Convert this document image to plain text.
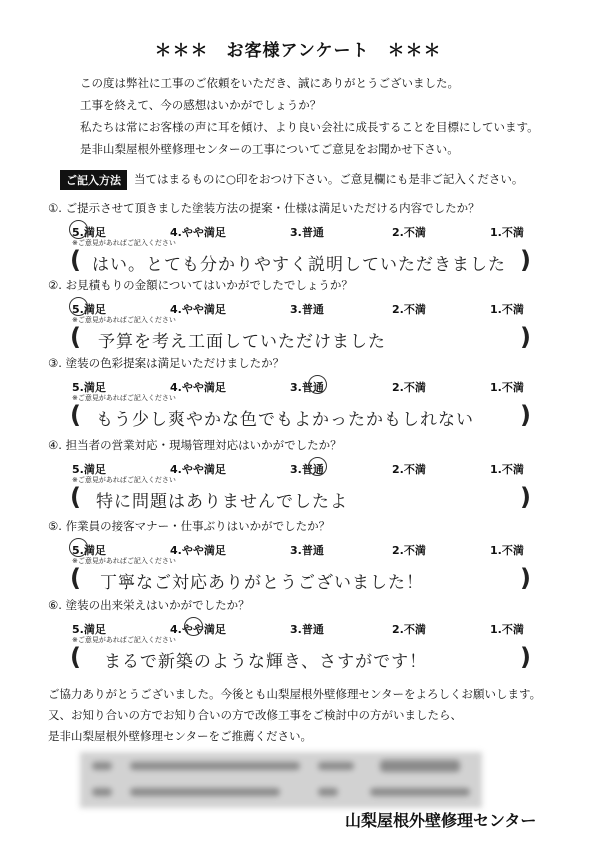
＊＊＊　お客様アンケート　＊＊＊
この度は弊社に工事のご依頼をいただき、誠にありがとうございました。
工事を終えて、今の感想はいかがでしょうか？
私たちは常にお客様の声に耳を傾け、より良い会社に成長することを目標にしています。
是非山梨屋根外壁修理センターの工事についてご意見をお聞かせ下さい。
ご記入方法	当てはまるものに○印をおつけ下さい。ご意見欄にも是非ご記入ください。
①. ご提示させて頂きました塗装方法の提案・仕様は満足いただける内容でしたか？
5.満足	4.やや満足	3.普通	2.不満	1.不満
※ご意見があればご記入ください
( はい。とても分かりやすく説明していただきました )
②. お見積もりの金額についてはいかがでしたでしょうか？
5.満足	4.やや満足	3.普通	2.不満	1.不満
※ご意見があればご記入ください
( 予算を考え工面していただけました	)
③. 塗装の色彩提案は満足いただけましたか？
5.満足	4.やや満足	3.普通	2.不満	1.不満
※ご意見があればご記入ください
( もう少し爽やかな色でもよかったかもしれない )
④. 担当者の営業対応・現場管理対応はいかがでしたか？
5.満足	4.やや満足	3.普通	2.不満	1.不満
※ご意見があればご記入ください
( 特に問題はありませんでしたよ	)
⑤. 作業員の接客マナー・仕事ぶりはいかがでしたか？
5.満足	4.やや満足	3.普通	2.不満	1.不満
※ご意見があればご記入ください
( 丁寧なご対応ありがとうございました！	)
⑥. 塗装の出来栄えはいかがでしたか？
5.満足	4.やや満足	3.普通	2.不満	1.不満
※ご意見があればご記入ください
( まるで新築のような輝き、さすがです！	)
ご協力ありがとうございました。今後とも山梨屋根外壁修理センターをよろしくお願いします。
又、お知り合いの方でお知り合いの方で改修工事をご検討中の方がいましたら、
是非山梨屋根外壁修理センターをご推薦ください。
山梨屋根外壁修理センター
